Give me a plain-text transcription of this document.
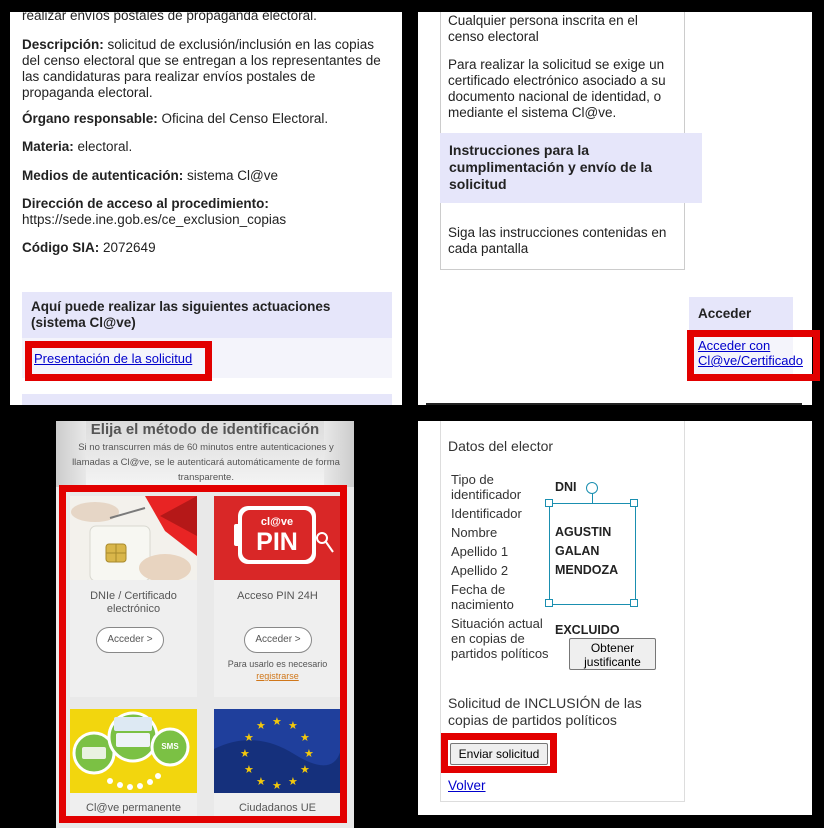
realizar envíos postales de propaganda electoral.

Descripción: solicitud de exclusión/inclusión en las copias del censo electoral que se entregan a los representantes de las candidaturas para realizar envíos postales de propaganda electoral.

Órgano responsable: Oficina del Censo Electoral.

Materia: electoral.

Medios de autenticación: sistema Cl@ve

Dirección de acceso al procedimiento:
https://sede.ine.gob.es/ce_exclusion_copias

Código SIA: 2072649

Aquí puede realizar las siguientes actuaciones (sistema Cl@ve)
Presentación de la solicitud

Cualquier persona inscrita en el censo electoral

Para realizar la solicitud se exige un certificado electrónico asociado a su documento nacional de identidad, o mediante el sistema Cl@ve.

Instrucciones para la cumplimentación y envío de la solicitud

Siga las instrucciones contenidas en cada pantalla

Acceder
Acceder con Cl@ve/Certificado
Elija el método de identificación
Si no transcurren más de 60 minutos entre autenticaciones y llamadas a Cl@ve, se le autenticará automáticamente de forma transparente.
DNIe / Certificado electrónico
Acceder >
cl@ve
PIN
Acceso PIN 24H
Acceder >
Para usarlo es necesario
registrarse
SMS
Cl@ve permanente
★ ★
★
★
★
★
★
★
★
★
★
★
Ciudadanos UE
Datos del elector
Tipo de identificador
Identificador
Nombre
Apellido 1
Apellido 2
Fecha de nacimiento
Situación actual en copias de partidos políticos
DNI
AGUSTIN
GALAN
MENDOZA
EXCLUIDO
Obtener justificante
Solicitud de INCLUSIÓN de las copias de partidos políticos
Enviar solicitud
Volver
